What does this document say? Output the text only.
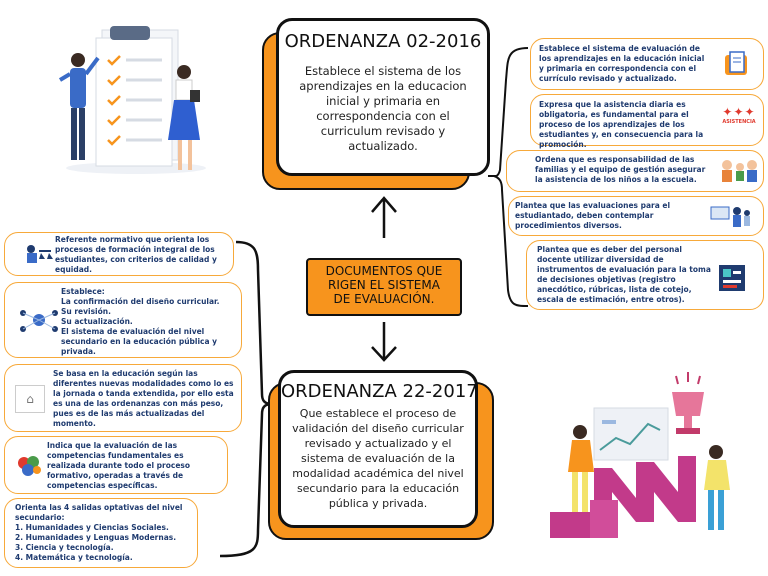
ORDENANZA 02-2016
Establece el sistema de los aprendizajes en la educacion inicial y primaria en correspondencia con el curriculum revisado y actualizado.
DOCUMENTOS QUE
RIGEN EL SISTEMA
DE EVALUACIÓN.
ORDENANZA 22-2017
Que establece el proceso de validación del diseño curricular revisado y actualizado y el sistema de evaluación de la modalidad académica del nivel secundario para la educación pública y privada.
Establece el sistema de evaluación de los aprendizajes en la educación inicial y primaria en correspondencia con el currículo revisado y actualizado.
Expresa que la asistencia diaria es obligatoria, es fundamental para el proceso de los aprendizajes de los estudiantes y, en consecuencia para la promoción.
✦✦✦
ASISTENCIA
Ordena que es responsabilidad de las familias y el equipo de gestión asegurar la asistencia de los niños a la escuela.
Plantea que las evaluaciones para el estudiantado, deben contemplar procedimientos diversos.
Plantea que es deber del personal docente utilizar diversidad de instrumentos de evaluación para la toma de decisiones objetivas (registro anecdótico, rúbricas, lista de cotejo, escala de estimación, entre otros).
Referente normativo que orienta los procesos de formación integral de los estudiantes, con criterios de calidad y equidad.
Establece:
La confirmación del diseño curricular.
Su revisión.
Su actualización.
El sistema de evaluación del nivel secundario en la educación pública y privada.
⌂
Se basa en la educación según las diferentes nuevas modalidades como lo es la jornada o tanda extendida, por ello esta es una de las ordenanzas con más peso, pues es de las más actualizadas del momento.
Indica que la evaluación de las competencias fundamentales es realizada durante todo el proceso formativo, operadas a través de competencias específicas.
Orienta las 4 salidas optativas del nivel secundario:
1. Humanidades y Ciencias Sociales.
2. Humanidades y Lenguas Modernas.
3. Ciencia y tecnología.
4. Matemática y tecnología.
